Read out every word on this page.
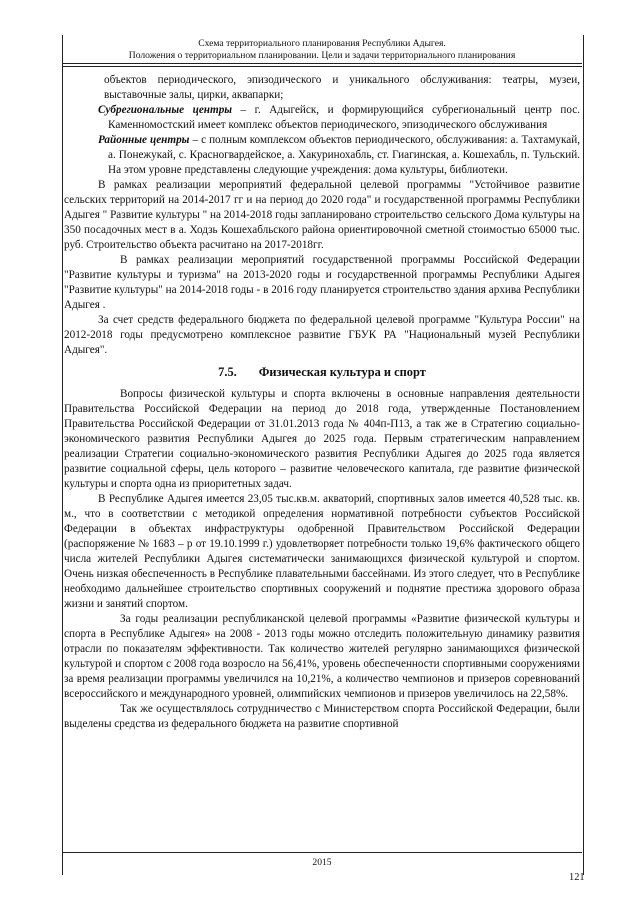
Схема территориального планирования Республики Адыгея.
Положения о территориальном планировании. Цели и задачи территориального планирования

объектов периодического, эпизодического и уникального обслуживания: театры, музеи, выставочные залы, цирки, аквапарки;

Субрегиональные центры – г. Адыгейск, и формирующийся субрегиональный центр пос. Каменномостский имеет комплекс объектов периодического, эпизодического обслуживания

Районные центры – с полным комплексом объектов периодического, обслуживания: а. Тахтамукай, а. Понежукай, с. Красногвардейское, а. Хакуринохабль, ст. Гиагинская, а. Кошехабль, п. Тульский. На этом уровне представлены следующие учреждения: дома культуры, библиотеки.

В рамках реализации мероприятий федеральной целевой программы "Устойчивое развитие сельских территорий на 2014-2017 гг и на период до 2020 года" и государственной программы Республики Адыгея " Развитие культуры " на 2014-2018 годы запланировано строительство сельского Дома культуры на 350 посадочных мест в а. Ходзь Кошехабльского района ориентировочной сметной стоимостью 65000 тыс. руб. Строительство объекта расчитано на 2017-2018гг.

В рамках реализации мероприятий государственной программы Российской Федерации "Развитие культуры и туризма" на 2013-2020 годы и государственной программы Республики Адыгея "Развитие культуры" на 2014-2018 годы - в 2016 году планируется строительство здания архива Республики Адыгея .

За счет средств федерального бюджета по федеральной целевой программе "Культура России" на 2012-2018 годы предусмотрено комплексное развитие ГБУК РА "Национальный музей Республики Адыгея".

7.5. Физическая культура и спорт

Вопросы физической культуры и спорта включены в основные направления деятельности Правительства Российской Федерации на период до 2018 года, утвержденные Постановлением Правительства Российской Федерации от 31.01.2013 года № 404п-П13, а так же в Стратегию социально-экономического развития Республики Адыгея до 2025 года. Первым стратегическим направлением реализации Стратегии социально-экономического развития Республики Адыгея до 2025 года является развитие социальной сферы, цель которого – развитие человеческого капитала, где развитие физической культуры и спорта одна из приоритетных задач.

В Республике Адыгея имеется 23,05 тыс.кв.м. акваторий, спортивных залов имеется 40,528 тыс. кв. м., что в соответствии с методикой определения нормативной потребности субъектов Российской Федерации в объектах инфраструктуры одобренной Правительством Российской Федерации (распоряжение № 1683 – р от 19.10.1999 г.) удовлетворяет потребности только 19,6% фактического общего числа жителей Республики Адыгея систематически занимающихся физической культурой и спортом. Очень низкая обеспеченность в Республике плавательными бассейнами. Из этого следует, что в Республике необходимо дальнейшее строительство спортивных сооружений и поднятие престижа здорового образа жизни и занятий спортом.

За годы реализации республиканской целевой программы «Развитие физической культуры и спорта в Республике Адыгея» на 2008 - 2013 годы можно отследить положительную динамику развития отрасли по показателям эффективности. Так количество жителей регулярно занимающихся физической культурой и спортом с 2008 года возросло на 56,41%, уровень обеспеченности спортивными сооружениями за время реализации программы увеличился на 10,21%, а количество чемпионов и призеров соревнований всероссийского и международного уровней, олимпийских чемпионов и призеров увеличилось на 22,58%.

Так же осуществлялось сотрудничество с Министерством спорта Российской Федерации, были выделены средства из федерального бюджета на развитие спортивной

2015
121
